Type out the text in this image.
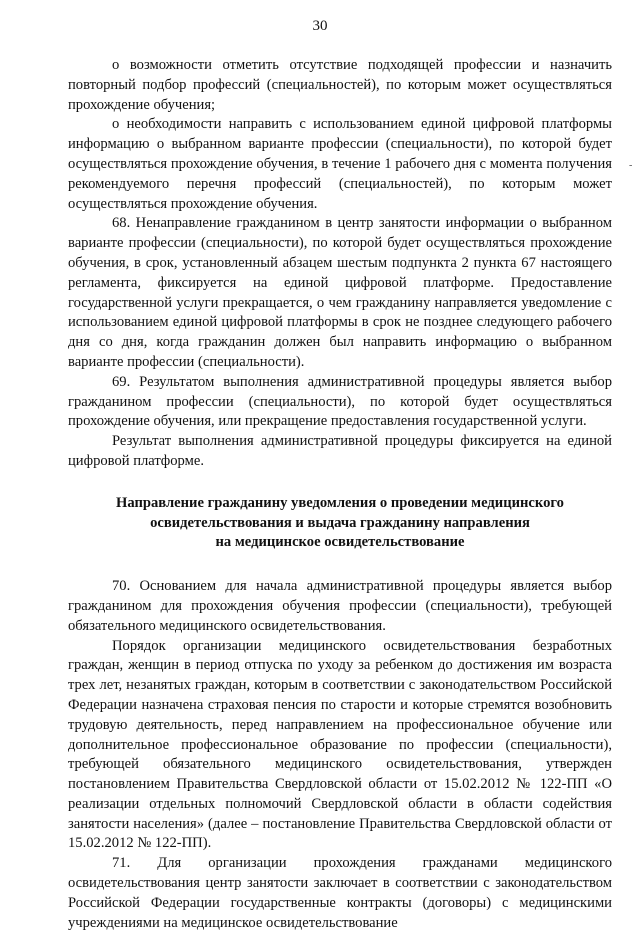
30
-

о возможности отметить отсутствие подходящей профессии и назначить повторный подбор профессий (специальностей), по которым может осуществляться прохождение обучения;

о необходимости направить с использованием единой цифровой платформы информацию о выбранном варианте профессии (специальности), по которой будет осуществляться прохождение обучения, в течение 1 рабочего дня с момента получения рекомендуемого перечня профессий (специальностей), по которым может осуществляться прохождение обучения.

68. Ненаправление гражданином в центр занятости информации о выбранном варианте профессии (специальности), по которой будет осуществляться прохождение обучения, в срок, установленный абзацем шестым подпункта 2 пункта 67 настоящего регламента, фиксируется на единой цифровой платформе. Предоставление государственной услуги прекращается, о чем гражданину направляется уведомление с использованием единой цифровой платформы в срок не позднее следующего рабочего дня со дня, когда гражданин должен был направить информацию о выбранном варианте профессии (специальности).

69. Результатом выполнения административной процедуры является выбор гражданином профессии (специальности), по которой будет осуществляться прохождение обучения, или прекращение предоставления государственной услуги.

Результат выполнения административной процедуры фиксируется на единой цифровой платформе.

Направление гражданину уведомления о проведении медицинского
освидетельствования и выдача гражданину направления
на медицинское освидетельствование

70. Основанием для начала административной процедуры является выбор гражданином для прохождения обучения профессии (специальности), требующей обязательного медицинского освидетельствования.

Порядок организации медицинского освидетельствования безработных граждан, женщин в период отпуска по уходу за ребенком до достижения им возраста трех лет, незанятых граждан, которым в соответствии с законодательством Российской Федерации назначена страховая пенсия по старости и которые стремятся возобновить трудовую деятельность, перед направлением на профессиональное обучение или дополнительное профессиональное образование по профессии (специальности), требующей обязательного медицинского освидетельствования, утвержден постановлением Правительства Свердловской области от 15.02.2012 № 122-ПП «О реализации отдельных полномочий Свердловской области в области содействия занятости населения» (далее – постановление Правительства Свердловской области от 15.02.2012 № 122-ПП).

71. Для организации прохождения гражданами медицинского освидетельствования центр занятости заключает в соответствии с законодательством Российской Федерации государственные контракты (договоры) с медицинскими учреждениями на медицинское освидетельствование
